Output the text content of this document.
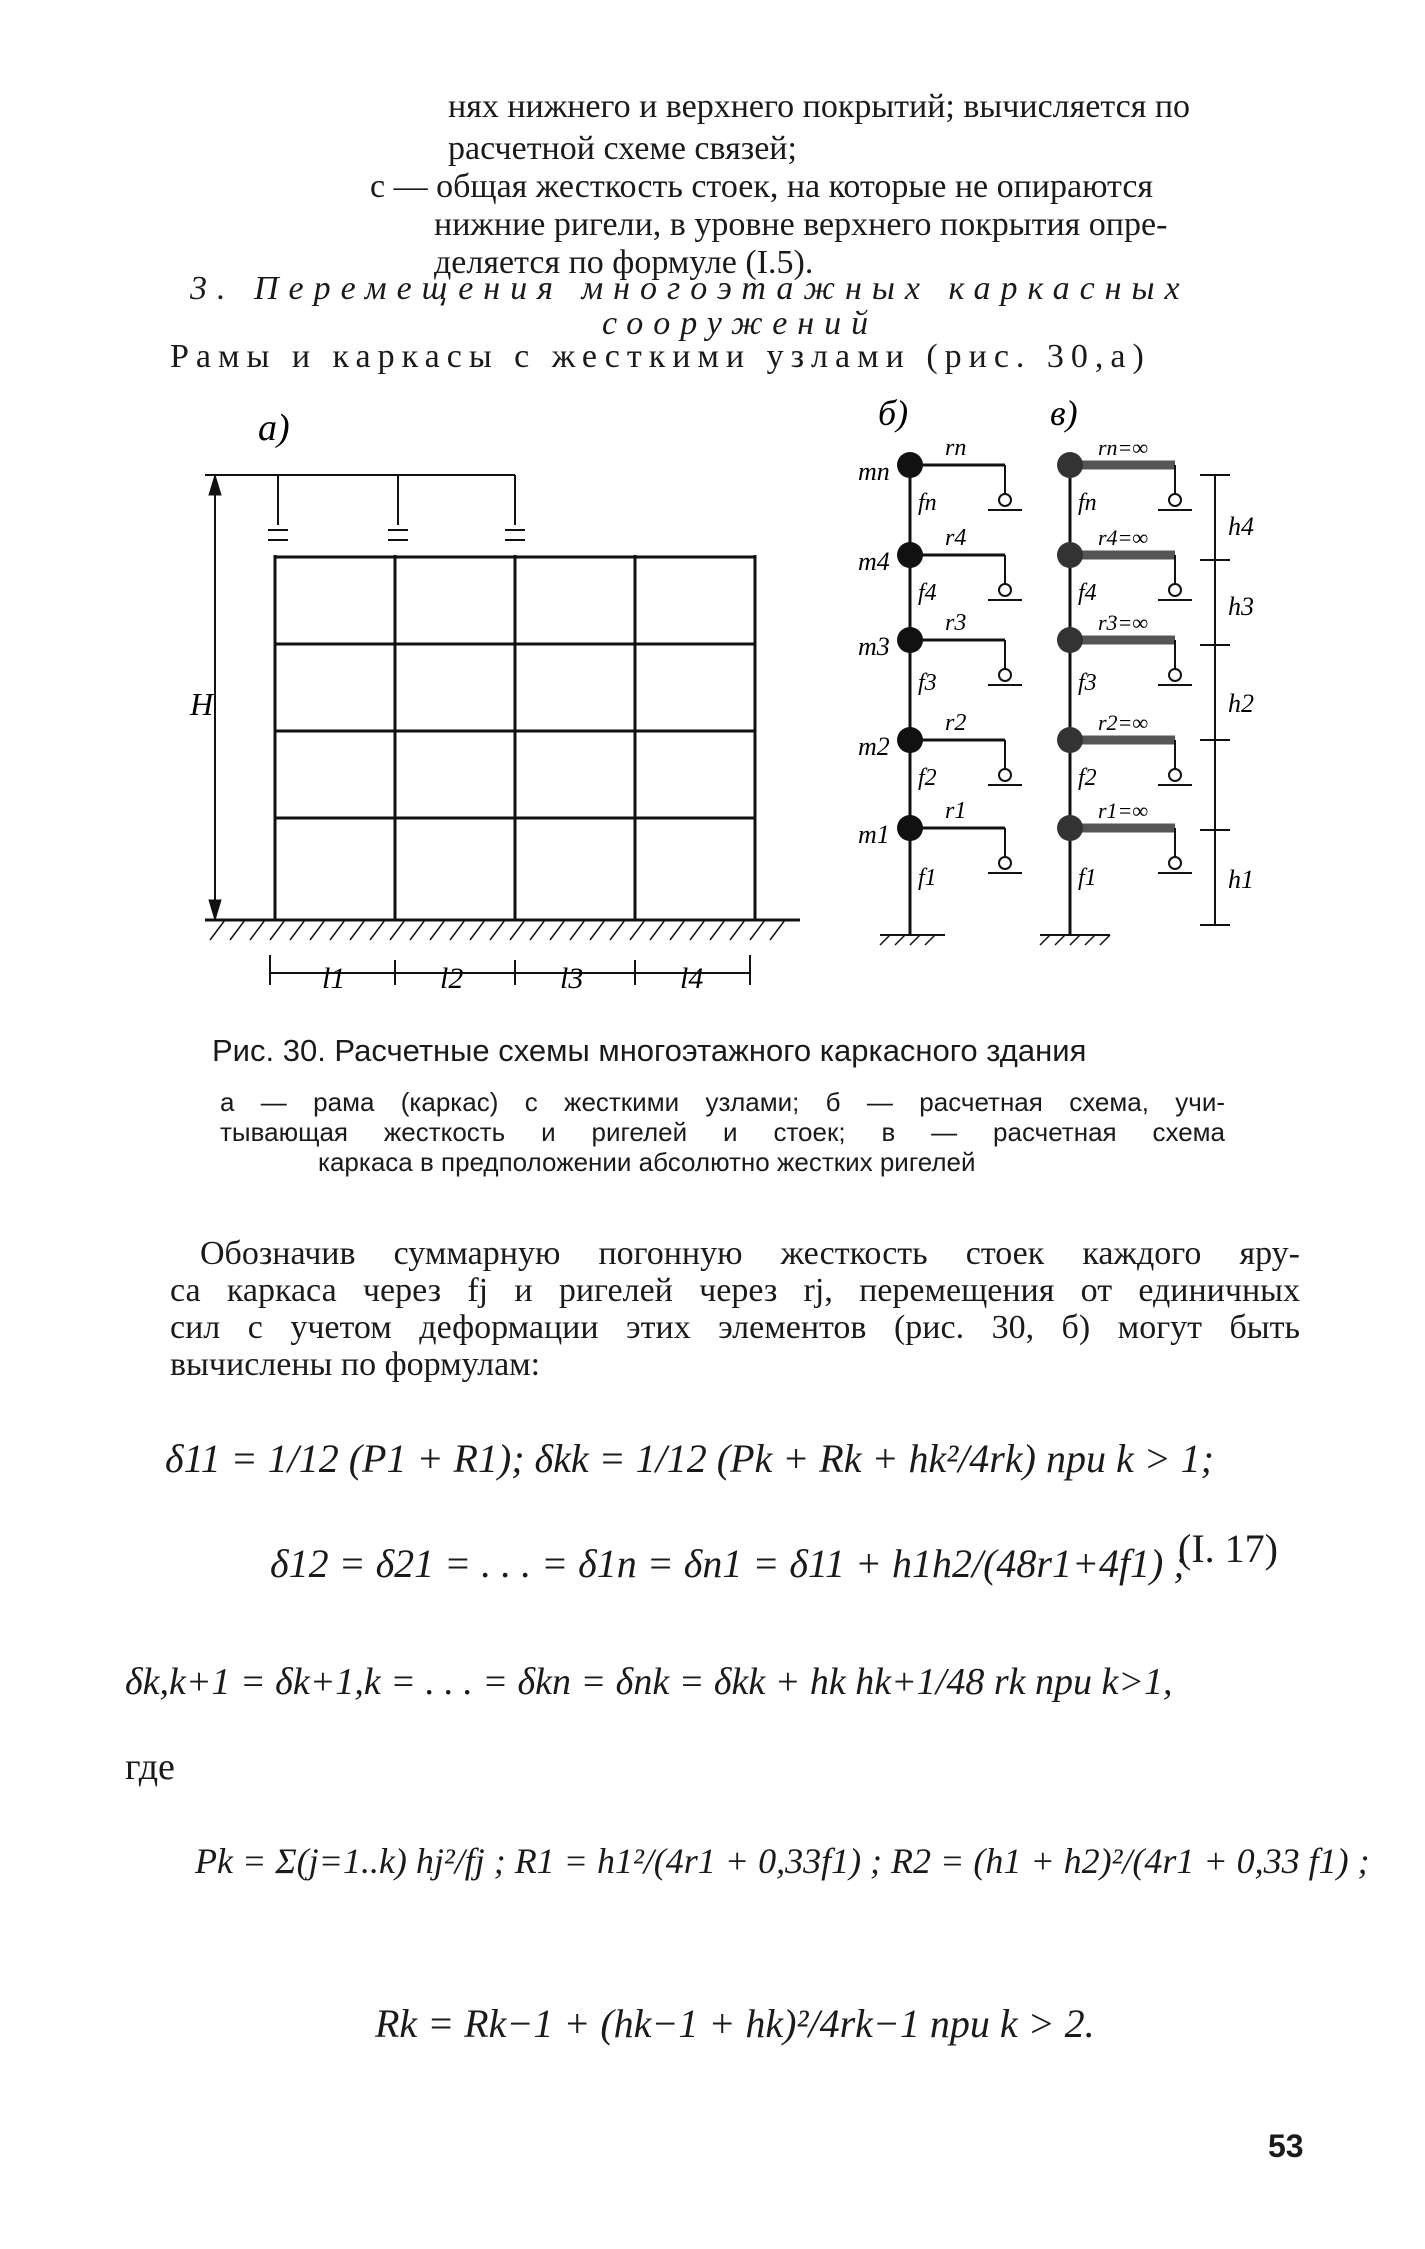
нях нижнего и верхнего покрытий; вычисляется по
расчетной схеме связей;
с — общая жесткость стоек, на которые не опираются
нижние ригели, в уровне верхнего покрытия опре-
деляется по формуле (I.5).
3. Перемещения многоэтажных каркасных
сооружений
Рамы и каркасы с жесткими узлами (рис. 30,а)
а)	б)	в)
H
l1	l2	l3	l4
mn
m4
m3
m2
m1
fn
f4
f3
f2
f1
rn
r4
r3
r2
r1
fn
f4
f3
f2
f1
rn=∞
r4=∞
r3=∞
r2=∞
r1=∞
h4
h3
h2
h1
Рис. 30. Расчетные схемы многоэтажного каркасного здания
а — рама (каркас) с жесткими узлами; б — расчетная схема, учи-
тывающая жесткость и ригелей и стоек; в — расчетная схема
каркаса в предположении абсолютно жестких ригелей
Обозначив суммарную погонную жесткость стоек каждого яру-
са каркаса через fj и ригелей через rj, перемещения от единичных
сил с учетом деформации этих элементов (рис. 30, б) могут быть
вычислены по формулам:
δ11 = 1/12 (P1 + R1); δkk = 1/12 (Pk + Rk + hk²/4rk) при k > 1;
δ12 = δ21 = . . . = δ1n = δn1 = δ11 + h1h2/(48r1+4f1) ;
(I. 17)
δk,k+1 = δk+1,k = . . . = δkn = δnk = δkk + hk hk+1/48 rk при k>1,
где
Pk = Σ(j=1..k) hj²/fj ; R1 = h1²/(4r1 + 0,33f1) ; R2 = (h1 + h2)²/(4r1 + 0,33 f1) ;
Rk = Rk−1 + (hk−1 + hk)²/4rk−1 при k > 2.
53
